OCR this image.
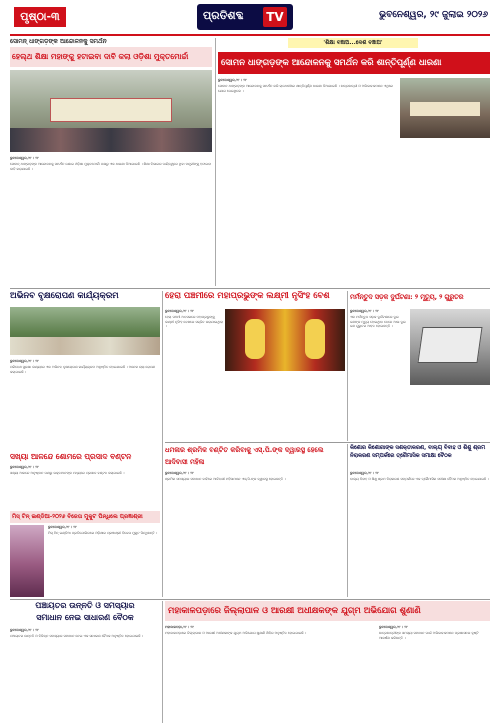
ପୃଷ୍ଠା-୩	ପ୍ରତିଶବ୍ଦ TV	ଭୁବନେଶ୍ୱର, ୨୯ ଜୁଲାଇ ୨୦୨୬
ସୋମନ୍ ଧାଙ୍ଗଡ଼ଙ୍କ ଆନ୍ଦୋଳନକୁ ସମର୍ଥନ
ହେଲ୍ଥ ଶିକ୍ଷା ମହାଙ୍କୁ ହଟାଇବା ଦାବି କଲା ଓଡ଼ିଶା ମୁକ୍ତମୋର୍ଚ୍ଚା

ଭୁବନେଶ୍ୱର,୨୯ । ୨୯

ସୋମନ୍ ଧାଙ୍ଗଡ଼ଙ୍କ ଆନ୍ଦୋଳନକୁ ସମର୍ଥନ ଜଣାଇ ଓଡ଼ିଶା ମୁକ୍ତମୋର୍ଚ୍ଚା ପକ୍ଷରୁ ଏକ ଧାରଣା ଦିଆଯାଇଛି । ଶିକ୍ଷା ବିଭାଗର ଦାୟିତ୍ୱରେ ଥିବା ମନ୍ତ୍ରୀଙ୍କୁ ହଟାଇବା ଦାବି କରାଯାଇଛି ।

'ଶିକ୍ଷା ବଞ୍ଚାଅ...ଦେଶ ବଞ୍ଚାଅ'
ସୋମନ ଧାଙ୍ଗଡ଼ଙ୍କ ଆନ୍ଦୋଳନକୁ ସମର୍ଥନ କରି ଶାନ୍ତିପୂର୍ଣ୍ଣ ଧାରଣା

ଭୁବନେଶ୍ୱର,୨୯ । ୨୯

ସୋମନ ଧାଙ୍ଗଡ଼ଙ୍କ ଆନ୍ଦୋଳନକୁ ସମର୍ଥନ କରି ରାଜଧାନୀରେ ଶାନ୍ତିପୂର୍ଣ୍ଣ ଧାରଣା ଦିଆଯାଇଛି । ଛାତ୍ରଛାତ୍ରୀ ଓ ଅଭିଭାବକମାନେ ଏଥିରେ ଯୋଗ ଦେଇଥିଲେ ।

ଅଭିନବ ବୃକ୍ଷରୋପଣ କାର୍ଯ୍ୟକ୍ରମ

ଭୁବନେଶ୍ୱର,୨୯ । ୨୯

ପରିବେଶ ସୁରକ୍ଷା ଲକ୍ଷ୍ୟରେ ଏକ ଅଭିନବ ବୃକ୍ଷରୋପଣ କାର୍ଯ୍ୟକ୍ରମ ଅନୁଷ୍ଠିତ ହୋଇଯାଇଛି । ଅନେକ ଚାରା ରୋପଣ କରାଯାଇଛି ।

ସଖ୍ୟା ଆଳନ୍ଦେ ଶୋମରେ ପ୍ରସାଦ ବଣ୍ଟନ

ଭୁବନେଶ୍ୱର,୨୯ । ୨୯

ସଖ୍ୟା ଆଳନ୍ଦେ ଅନୁଷ୍ଠାନ ପକ୍ଷରୁ ଭକ୍ତମାନଙ୍କ ମଧ୍ୟରେ ପ୍ରସାଦ ବଣ୍ଟନ କରାଯାଇଛି ।

ମିସ୍ ଟିନ୍ ଇଣ୍ଡିଆ-୨୦୨୬ ବିଜେତା ମୁକୁଟ ପିନ୍ଧିଲେ ପ୍ରଜ୍ଞାଶ୍ରୀ

ଭୁବନେଶ୍ୱର,୨୯ । ୨୯

ମିସ୍ ଟିନ୍ ଇଣ୍ଡିଆ ପ୍ରତିଯୋଗିତାରେ ଓଡ଼ିଶାର ପ୍ରଜ୍ଞାଶ୍ରୀ ବିଜେତା ମୁକୁଟ ପିନ୍ଧିଛନ୍ତି ।

ହେରା ପଞ୍ଚମୀରେ ମହାପ୍ରଭୁଙ୍କ ଲକ୍ଷ୍ମୀ ନୃସିଂହ ବେଶ

ଭୁବନେଶ୍ୱର,୨୯ । ୨୯

ହେରା ପଞ୍ଚମୀ ଅବସରରେ ମହାପ୍ରଭୁଙ୍କୁ ଲକ୍ଷ୍ମୀ ନୃସିଂହ ବେଶରେ ସଜ୍ଜିତ କରାଯାଇଥିଲା ।

ମର୍ମନ୍ତୁଦ ସଡ଼କ ଦୁର୍ଘଟଣା: ୨ ମୃତ୍ୟୁ, ୨ ଗୁରୁତର

ଭୁବନେଶ୍ୱର,୨୯ । ୨୯

ଏକ ମର୍ମନ୍ତୁଦ ସଡ଼କ ଦୁର୍ଘଟଣାରେ ଦୁଇ ଜଣଙ୍କ ମୃତ୍ୟୁ ହୋଇଥିବା ବେଳେ ଆଉ ଦୁଇ ଜଣ ଗୁରୁତର ଆହତ ହୋଇଛନ୍ତି ।

ଧମଳାର ଶ୍ରମିକ ବଣ୍ଟିତ କରିବାକୁ ଏସ୍.ପି.ଙ୍କ ଦ୍ୱାରସ୍ଥ ହେଲେ ଆଦିବାସୀ ମହିଳା

ଭୁବନେଶ୍ୱର,୨୯ । ୨୯

ଶ୍ରମିକ ସମସ୍ୟାର ସମାଧାନ ଦାବିରେ ଆଦିବାସୀ ମହିଳାମାନେ ଏସ୍.ପି.ଙ୍କ ଦ୍ୱାରସ୍ଥ ହୋଇଛନ୍ତି ।

କିଶୋର କିଶୋରୀଙ୍କ ସଶକ୍ତୀକରଣ, ବାଲ୍ୟ ବିବାହ ଓ ଶିଶୁ ଶ୍ରମ ନିରାକରଣ ସମ୍ପର୍କରେ ତ୍ରୈମାସିକ ସମୀକ୍ଷା ବୈଠକ

ଭୁବନେଶ୍ୱର,୨୯ । ୨୯

ବାଲ୍ୟ ବିବାହ ଓ ଶିଶୁ ଶ୍ରମ ନିରାକରଣ ସମ୍ପର୍କରେ ଏକ ତ୍ରୈମାସିକ ସମୀକ୍ଷା ବୈଠକ ଅନୁଷ୍ଠିତ ହୋଇଯାଇଛି ।

ପଞ୍ଚାୟତର ଉନ୍ନତି ଓ ସମସ୍ୟାର
ସମାଧାନ ନେଇ ସାଧାରଣ ବୈଠକ

ଭୁବନେଶ୍ୱର,୨୯ । ୨୯

ପଞ୍ଚାୟତର ଉନ୍ନତି ଓ ବିଭିନ୍ନ ସମସ୍ୟାର ସମାଧାନ ନେଇ ଏକ ସାଧାରଣ ବୈଠକ ଅନୁଷ୍ଠିତ ହୋଇଯାଇଛି ।

ମହାକାଳପଡ଼ାରେ ଜିଲ୍ଲାପାଳ ଓ ଆରକ୍ଷୀ ଅଧୀକ୍ଷକଙ୍କ ଯୁଗ୍ମ ଅଭିଯୋଗ ଶୁଣାଣି

ମହାକାଳପଡ଼ା,୨୯ । ୨୯

ମହାକାଳପଡ଼ାରେ ଜିଲ୍ଲାପାଳ ଓ ଆରକ୍ଷୀ ଅଧୀକ୍ଷକଙ୍କ ଯୁଗ୍ମ ଅଭିଯୋଗ ଶୁଣାଣି ଶିବିର ଅନୁଷ୍ଠିତ ହୋଇଯାଇଛି ।

ଭୁବନେଶ୍ୱର,୨୯ । ୨୯

ଛାତ୍ରଛାତ୍ରୀଙ୍କ ସମସ୍ୟା ସମାଧାନ ପାଇଁ ଅଭିଭାବକମାନେ ପ୍ରଶାସନର ଦୃଷ୍ଟି ଆକର୍ଷଣ କରିଛନ୍ତି ।
